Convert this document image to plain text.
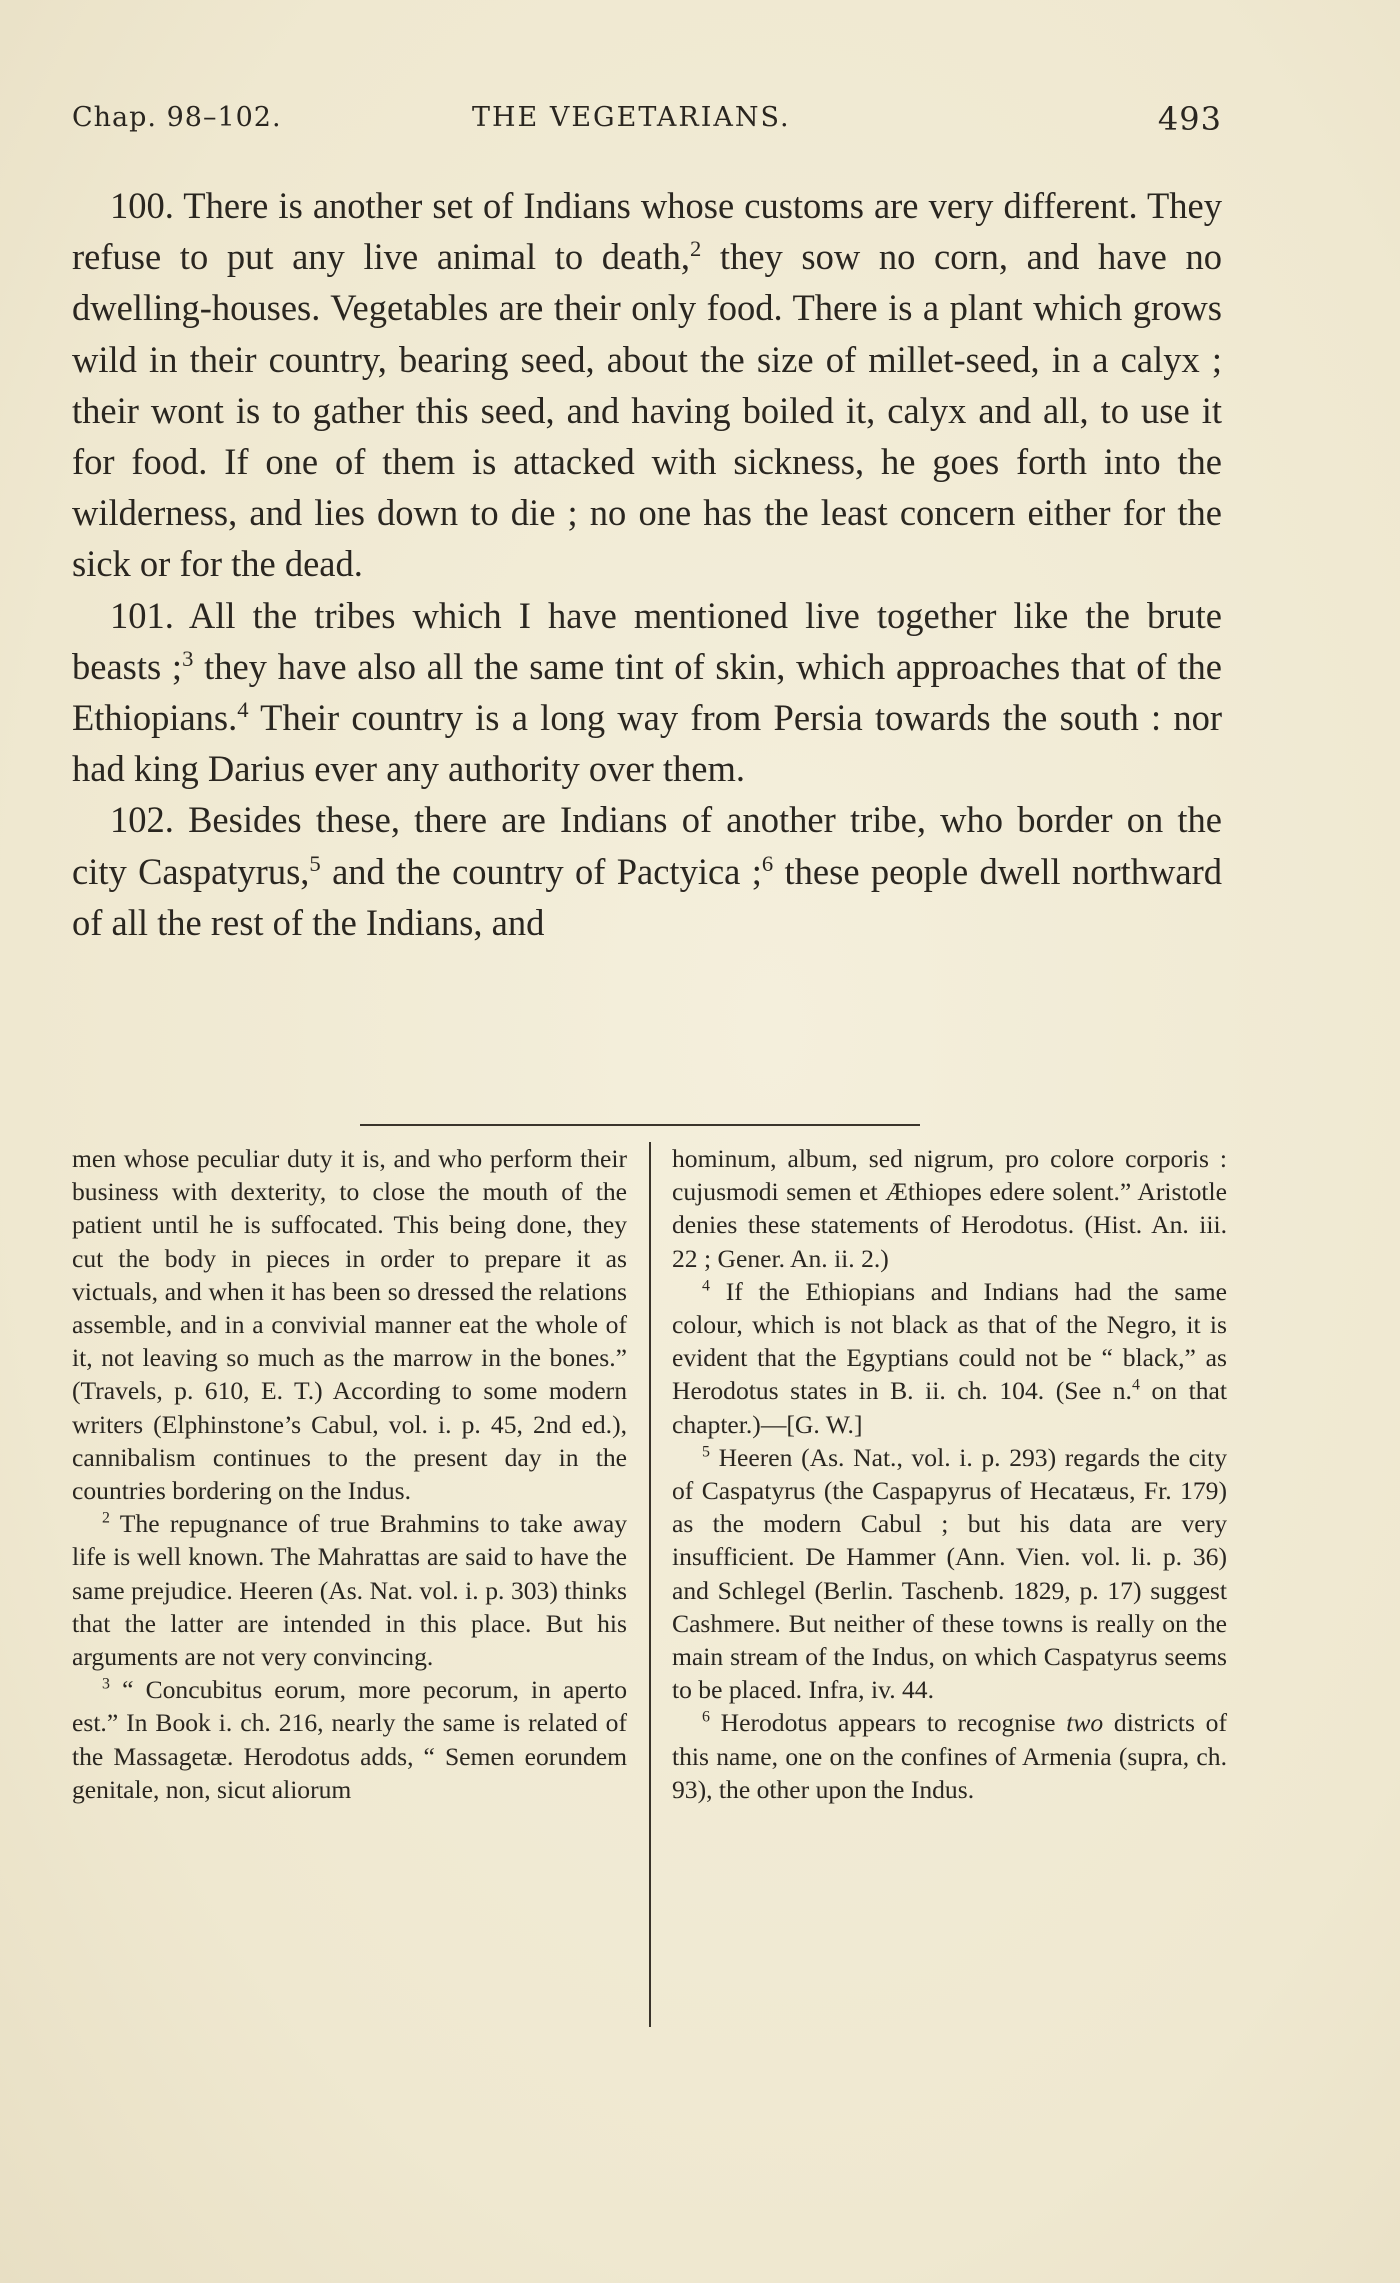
Chap. 98–102.	THE VEGETARIANS.	493

100. There is another set of Indians whose customs are very different. They refuse to put any live animal to death,$^2$ they sow no corn, and have no dwelling-houses. Vegetables are their only food. There is a plant which grows wild in their country, bearing seed, about the size of millet-seed, in a calyx ; their wont is to gather this seed, and having boiled it, calyx and all, to use it for food. If one of them is attacked with sickness, he goes forth into the wilderness, and lies down to die ; no one has the least concern either for the sick or for the dead.

101. All the tribes which I have mentioned live together like the brute beasts ;$^3$ they have also all the same tint of skin, which approaches that of the Ethiopians.$^4$ Their country is a long way from Persia towards the south : nor had king Darius ever any authority over them.

102. Besides these, there are Indians of another tribe, who border on the city Caspatyrus,$^5$ and the country of Pactyica ;$^6$ these people dwell northward of all the rest of the Indians, and

men whose peculiar duty it is, and who perform their business with dexterity, to close the mouth of the patient until he is suffocated. This being done, they cut the body in pieces in order to prepare it as victuals, and when it has been so dressed the relations assemble, and in a convivial manner eat the whole of it, not leaving so much as the marrow in the bones.” (Travels, p. 610, E. T.) According to some modern writers (Elphinstone’s Cabul, vol. i. p. 45, 2nd ed.), cannibalism continues to the present day in the countries bordering on the Indus.

$^2$ The repugnance of true Brahmins to take away life is well known. The Mahrattas are said to have the same prejudice. Heeren (As. Nat. vol. i. p. 303) thinks that the latter are intended in this place. But his arguments are not very convincing.

$^3$ “ Concubitus eorum, more pecorum, in aperto est.” In Book i. ch. 216, nearly the same is related of the Massagetæ. Herodotus adds, “ Semen eorundem genitale, non, sicut aliorum

hominum, album, sed nigrum, pro colore corporis : cujusmodi semen et Æthiopes edere solent.” Aristotle denies these statements of Herodotus. (Hist. An. iii. 22 ; Gener. An. ii. 2.)

$^4$ If the Ethiopians and Indians had the same colour, which is not black as that of the Negro, it is evident that the Egyptians could not be “ black,” as Herodotus states in B. ii. ch. 104. (See n.$^4$ on that chapter.)—[G. W.]

$^5$ Heeren (As. Nat., vol. i. p. 293) regards the city of Caspatyrus (the Caspapyrus of Hecatæus, Fr. 179) as the modern Cabul ; but his data are very insufficient. De Hammer (Ann. Vien. vol. li. p. 36) and Schlegel (Berlin. Taschenb. 1829, p. 17) suggest Cashmere. But neither of these towns is really on the main stream of the Indus, on which Caspatyrus seems to be placed. Infra, iv. 44.

$^6$ Herodotus appears to recognise two districts of this name, one on the confines of Armenia (supra, ch. 93), the other upon the Indus.
